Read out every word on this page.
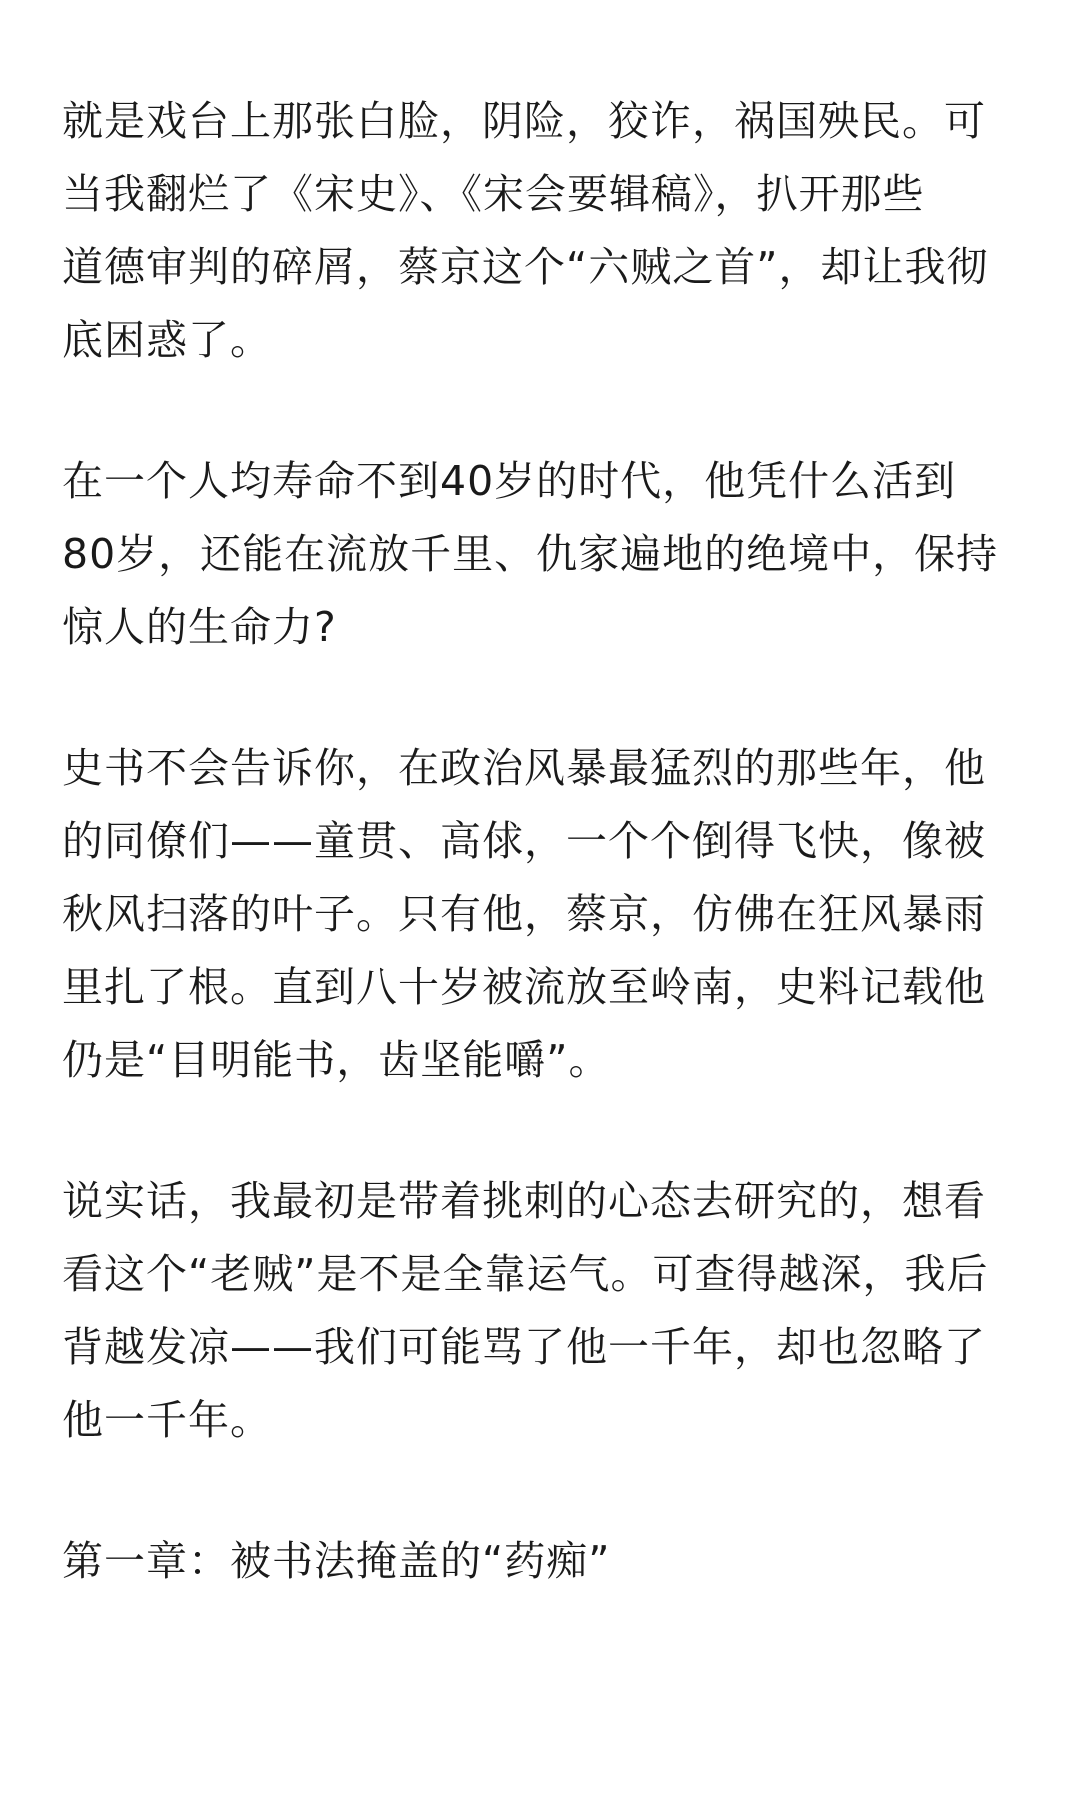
就是戏台上那张白脸，阴险，狡诈，祸国殃民。可
当我翻烂了《宋史》、《宋会要辑稿》，扒开那些
道德审判的碎屑，蔡京这个“六贼之首”，却让我彻
底困惑了。
在一个人均寿命不到40岁的时代，他凭什么活到
80岁，还能在流放千里、仇家遍地的绝境中，保持
惊人的生命力?
史书不会告诉你，在政治风暴最猛烈的那些年，他
的同僚们——童贯、高俅，一个个倒得飞快，像被
秋风扫落的叶子。只有他，蔡京，仿佛在狂风暴雨
里扎了根。直到八十岁被流放至岭南，史料记载他
仍是“目明能书，齿坚能嚼”。
说实话，我最初是带着挑刺的心态去研究的，想看
看这个“老贼”是不是全靠运气。可查得越深，我后
背越发凉——我们可能骂了他一千年，却也忽略了
他一千年。
第一章：被书法掩盖的“药痴”
